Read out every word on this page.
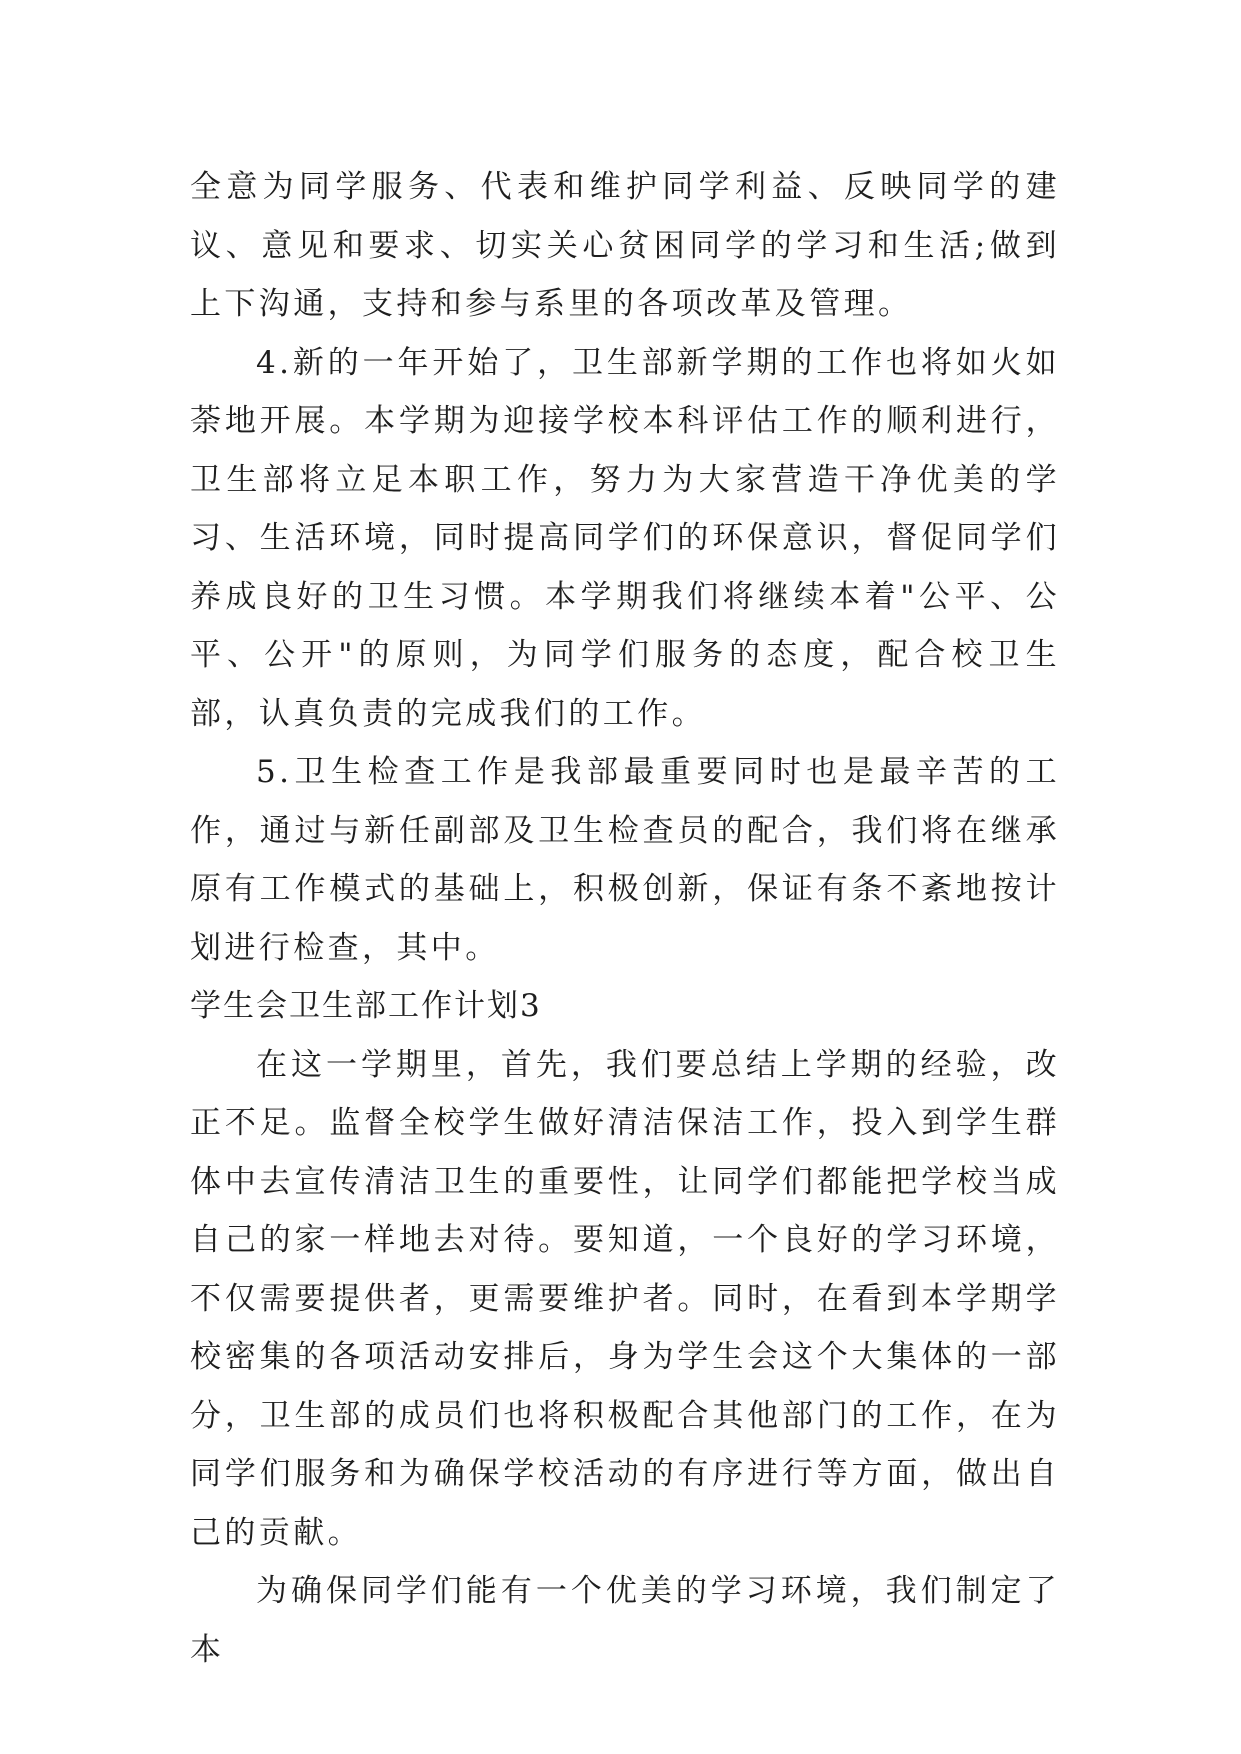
全意为同学服务、代表和维护同学利益、反映同学的建议、意见和要求、切实关心贫困同学的学习和生活;做到上下沟通，支持和参与系里的各项改革及管理。

4.新的一年开始了，卫生部新学期的工作也将如火如荼地开展。本学期为迎接学校本科评估工作的顺利进行，卫生部将立足本职工作，努力为大家营造干净优美的学习、生活环境，同时提高同学们的环保意识，督促同学们养成良好的卫生习惯。本学期我们将继续本着"公平、公平、公开"的原则，为同学们服务的态度，配合校卫生部，认真负责的完成我们的工作。

5.卫生检查工作是我部最重要同时也是最辛苦的工作，通过与新任副部及卫生检查员的配合，我们将在继承原有工作模式的基础上，积极创新，保证有条不紊地按计划进行检查，其中。

学生会卫生部工作计划3

在这一学期里，首先，我们要总结上学期的经验，改正不足。监督全校学生做好清洁保洁工作，投入到学生群体中去宣传清洁卫生的重要性，让同学们都能把学校当成自己的家一样地去对待。要知道，一个良好的学习环境，不仅需要提供者，更需要维护者。同时，在看到本学期学校密集的各项活动安排后，身为学生会这个大集体的一部分，卫生部的成员们也将积极配合其他部门的工作，在为同学们服务和为确保学校活动的有序进行等方面，做出自己的贡献。

为确保同学们能有一个优美的学习环境，我们制定了本
